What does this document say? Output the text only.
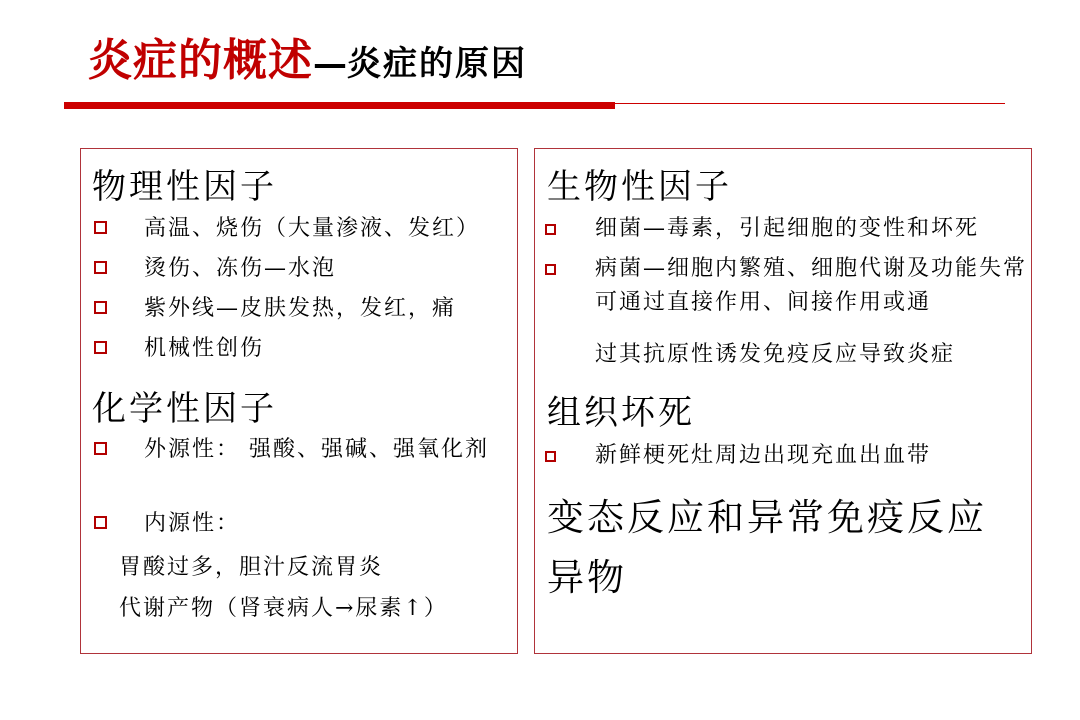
炎症的概述—炎症的原因
物理性因子
高温、烧伤（大量渗液、发红）
烫伤、冻伤—水泡
紫外线—皮肤发热，发红，痛
机械性创伤
化学性因子
外源性： 强酸、强碱、强氧化剂
内源性：
胃酸过多，胆汁反流胃炎
代谢产物（肾衰病人→尿素↑）
生物性因子
细菌—毒素，引起细胞的变性和坏死
病菌—细胞内繁殖、细胞代谢及功能失常可通过直接作用、间接作用或通
过其抗原性诱发免疫反应导致炎症
组织坏死
新鲜梗死灶周边出现充血出血带
变态反应和异常免疫反应
异物
